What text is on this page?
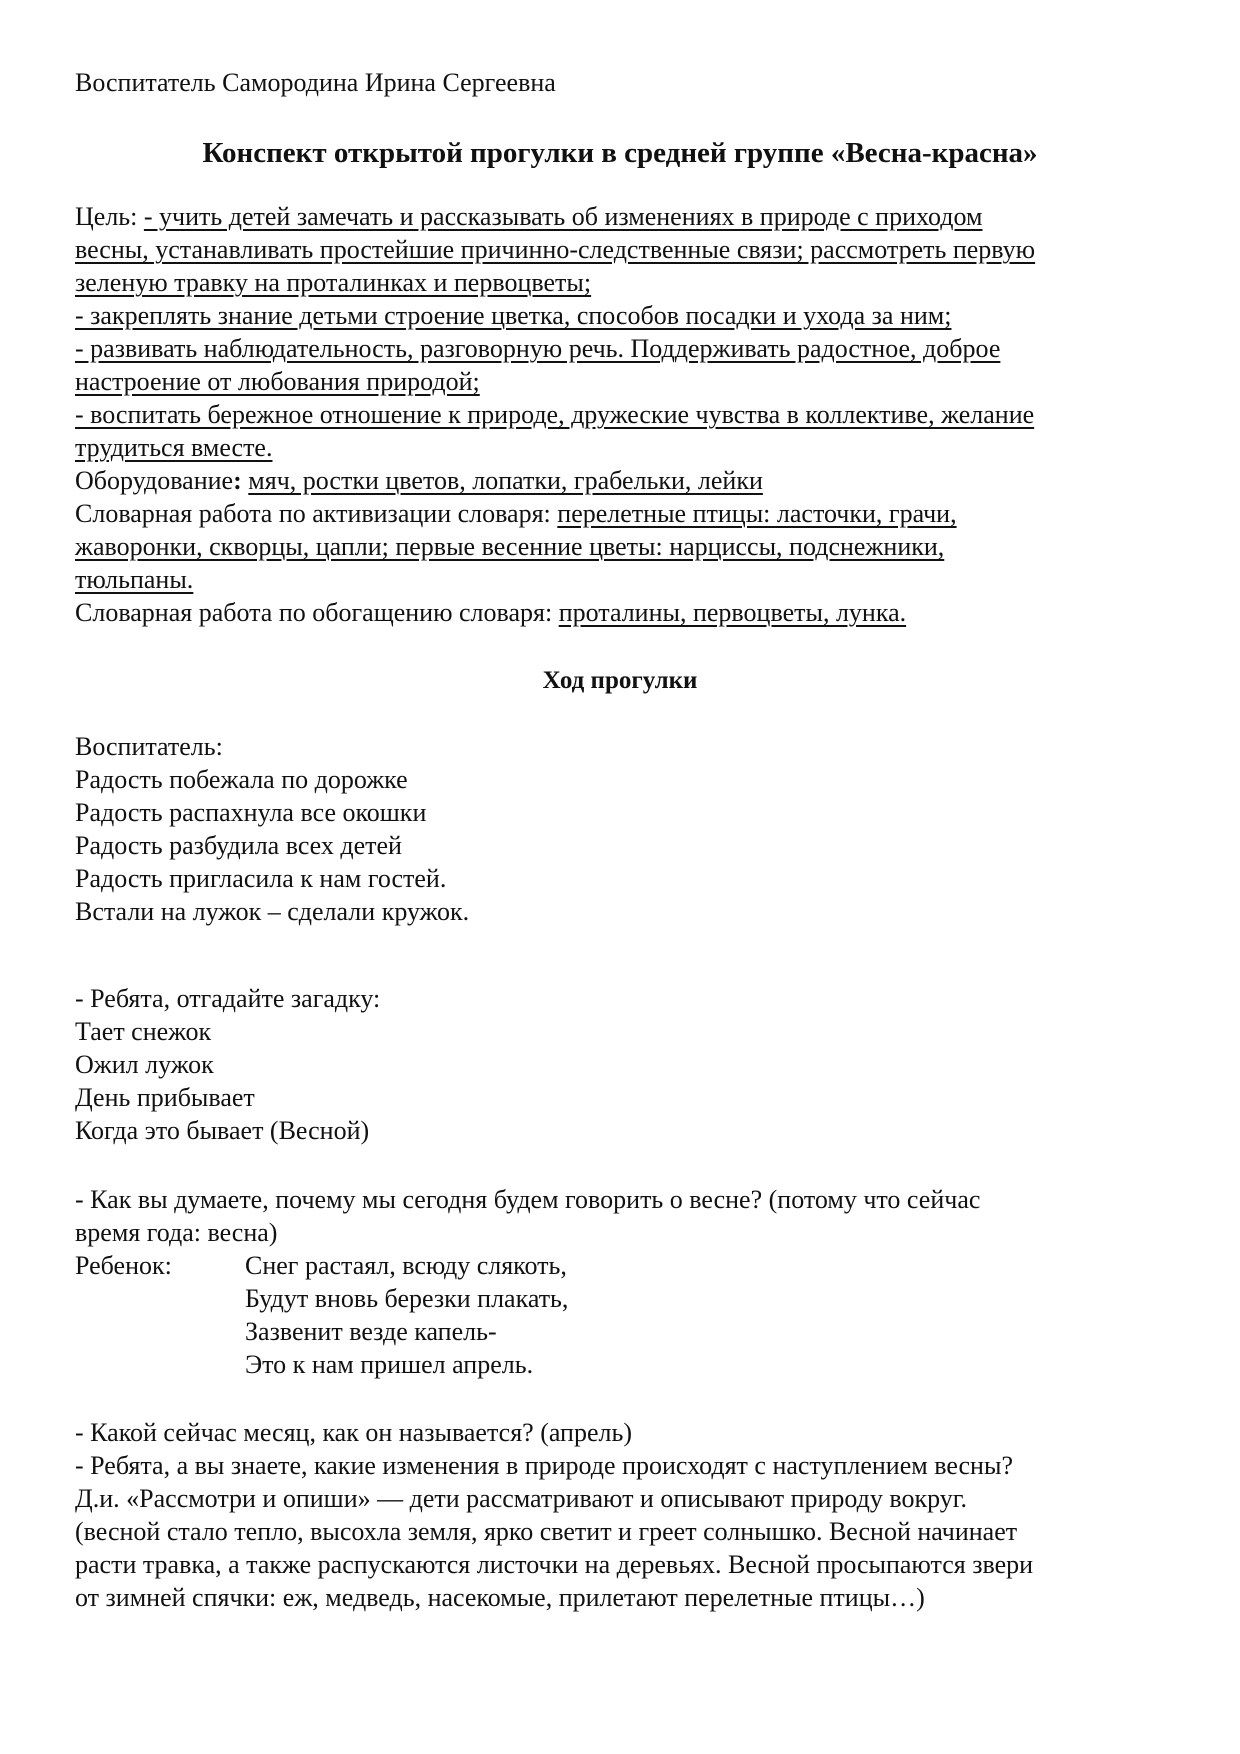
Воспитатель Самородина Ирина Сергеевна
Конспект открытой прогулки в средней группе «Весна-красна»
Цель: - учить детей замечать и рассказывать об изменениях в природе с приходом
весны, устанавливать простейшие причинно-следственные связи; рассмотреть первую
зеленую травку на проталинках и первоцветы;
- закреплять знание детьми строение цветка, способов посадки и ухода за ним;
- развивать наблюдательность, разговорную речь. Поддерживать радостное, доброе
настроение от любования природой;
- воспитать бережное отношение к природе, дружеские чувства в коллективе, желание
трудиться вместе.
Оборудование: мяч, ростки цветов, лопатки, грабельки, лейки
Словарная работа по активизации словаря: перелетные птицы: ласточки, грачи,
жаворонки, скворцы, цапли; первые весенние цветы: нарциссы, подснежники,
тюльпаны.
Словарная работа по обогащению словаря: проталины, первоцветы, лунка.
Ход прогулки
Воспитатель:
Радость побежала по дорожке
Радость распахнула все окошки
Радость разбудила всех детей
Радость пригласила к нам гостей.
Встали на лужок – сделали кружок.
- Ребята, отгадайте загадку:
Тает снежок
Ожил лужок
День прибывает
Когда это бывает (Весной)
- Как вы думаете, почему мы сегодня будем говорить о весне? (потому что сейчас
время года: весна)
Ребенок:	Снег растаял, всюду слякоть,
Будут вновь березки плакать,
Зазвенит везде капель-
Это к нам пришел апрель.
- Какой сейчас месяц, как он называется? (апрель)
- Ребята, а вы знаете, какие изменения в природе происходят с наступлением весны?
Д.и. «Рассмотри и опиши» — дети рассматривают и описывают природу вокруг.
(весной стало тепло, высохла земля, ярко светит и греет солнышко. Весной начинает
расти травка, а также распускаются листочки на деревьях. Весной просыпаются звери
от зимней спячки: еж, медведь, насекомые, прилетают перелетные птицы…)
